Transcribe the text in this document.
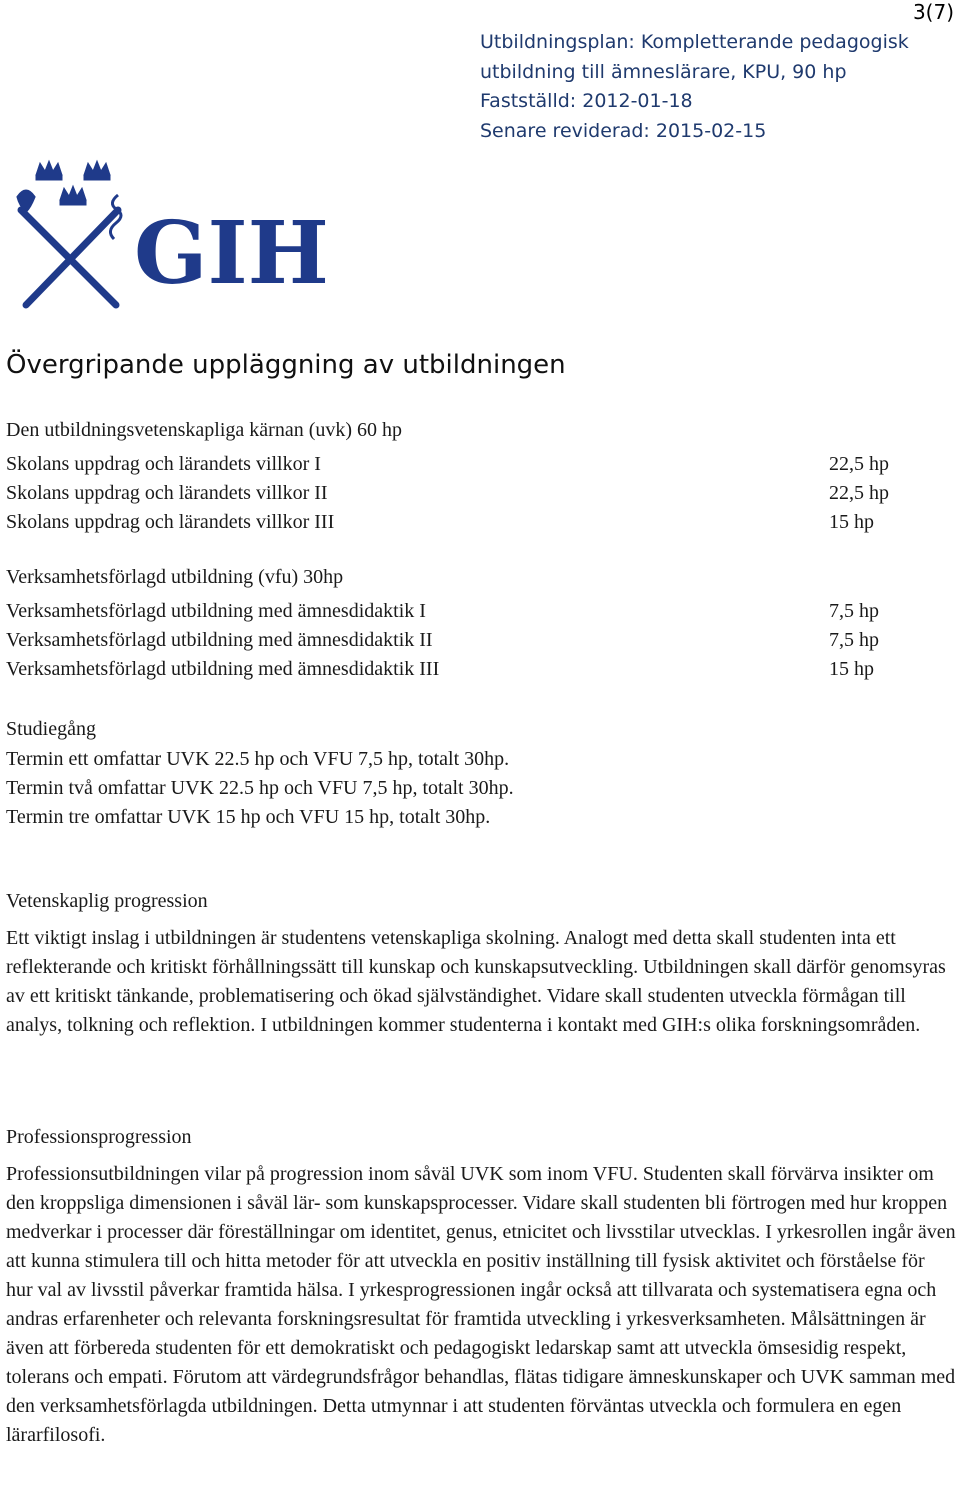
3(7)
Utbildningsplan: Kompletterande pedagogisk
utbildning till ämneslärare, KPU, 90 hp
Fastställd: 2012-01-18
Senare reviderad: 2015-02-15
GIH
Övergripande uppläggning av utbildningen
Den utbildningsvetenskapliga kärnan (uvk) 60 hp
Skolans uppdrag och lärandets villkor I
Skolans uppdrag och lärandets villkor II
Skolans uppdrag och lärandets villkor III
22,5 hp
22,5 hp
15 hp
Verksamhetsförlagd utbildning (vfu) 30hp
Verksamhetsförlagd utbildning med ämnesdidaktik I
Verksamhetsförlagd utbildning med ämnesdidaktik II
Verksamhetsförlagd utbildning med ämnesdidaktik III
7,5 hp
7,5 hp
15 hp
Studiegång
Termin ett omfattar UVK 22.5 hp och VFU 7,5 hp, totalt 30hp.
Termin två omfattar UVK 22.5 hp och VFU 7,5 hp, totalt 30hp.
Termin tre omfattar UVK 15 hp och VFU 15 hp, totalt 30hp.
Vetenskaplig progression
Ett viktigt inslag i utbildningen är studentens vetenskapliga skolning. Analogt med detta skall studenten inta ett reflekterande och kritiskt förhållningssätt till kunskap och kunskapsutveckling. Utbildningen skall därför genomsyras av ett kritiskt tänkande, problematisering och ökad självständighet. Vidare skall studenten utveckla förmågan till analys, tolkning och reflektion. I utbildningen kommer studenterna i kontakt med GIH:s olika forskningsområden.
Professionsprogression
Professionsutbildningen vilar på progression inom såväl UVK som inom VFU. Studenten skall förvärva insikter om den kroppsliga dimensionen i såväl lär- som kunskapsprocesser. Vidare skall studenten bli förtrogen med hur kroppen medverkar i processer där föreställningar om identitet, genus, etnicitet och livsstilar utvecklas. I yrkesrollen ingår även att kunna stimulera till och hitta metoder för att utveckla en positiv inställning till fysisk aktivitet och förståelse för hur val av livsstil påverkar framtida hälsa. I yrkesprogressionen ingår också att tillvarata och systematisera egna och andras erfarenheter och relevanta forskningsresultat för framtida utveckling i yrkesverksamheten. Målsättningen är även att förbereda studenten för ett demokratiskt och pedagogiskt ledarskap samt att utveckla ömsesidig respekt, tolerans och empati. Förutom att värdegrundsfrågor behandlas, flätas tidigare ämneskunskaper och UVK samman med den verksamhetsförlagda utbildningen. Detta utmynnar i att studenten förväntas utveckla och formulera en egen lärarfilosofi.
